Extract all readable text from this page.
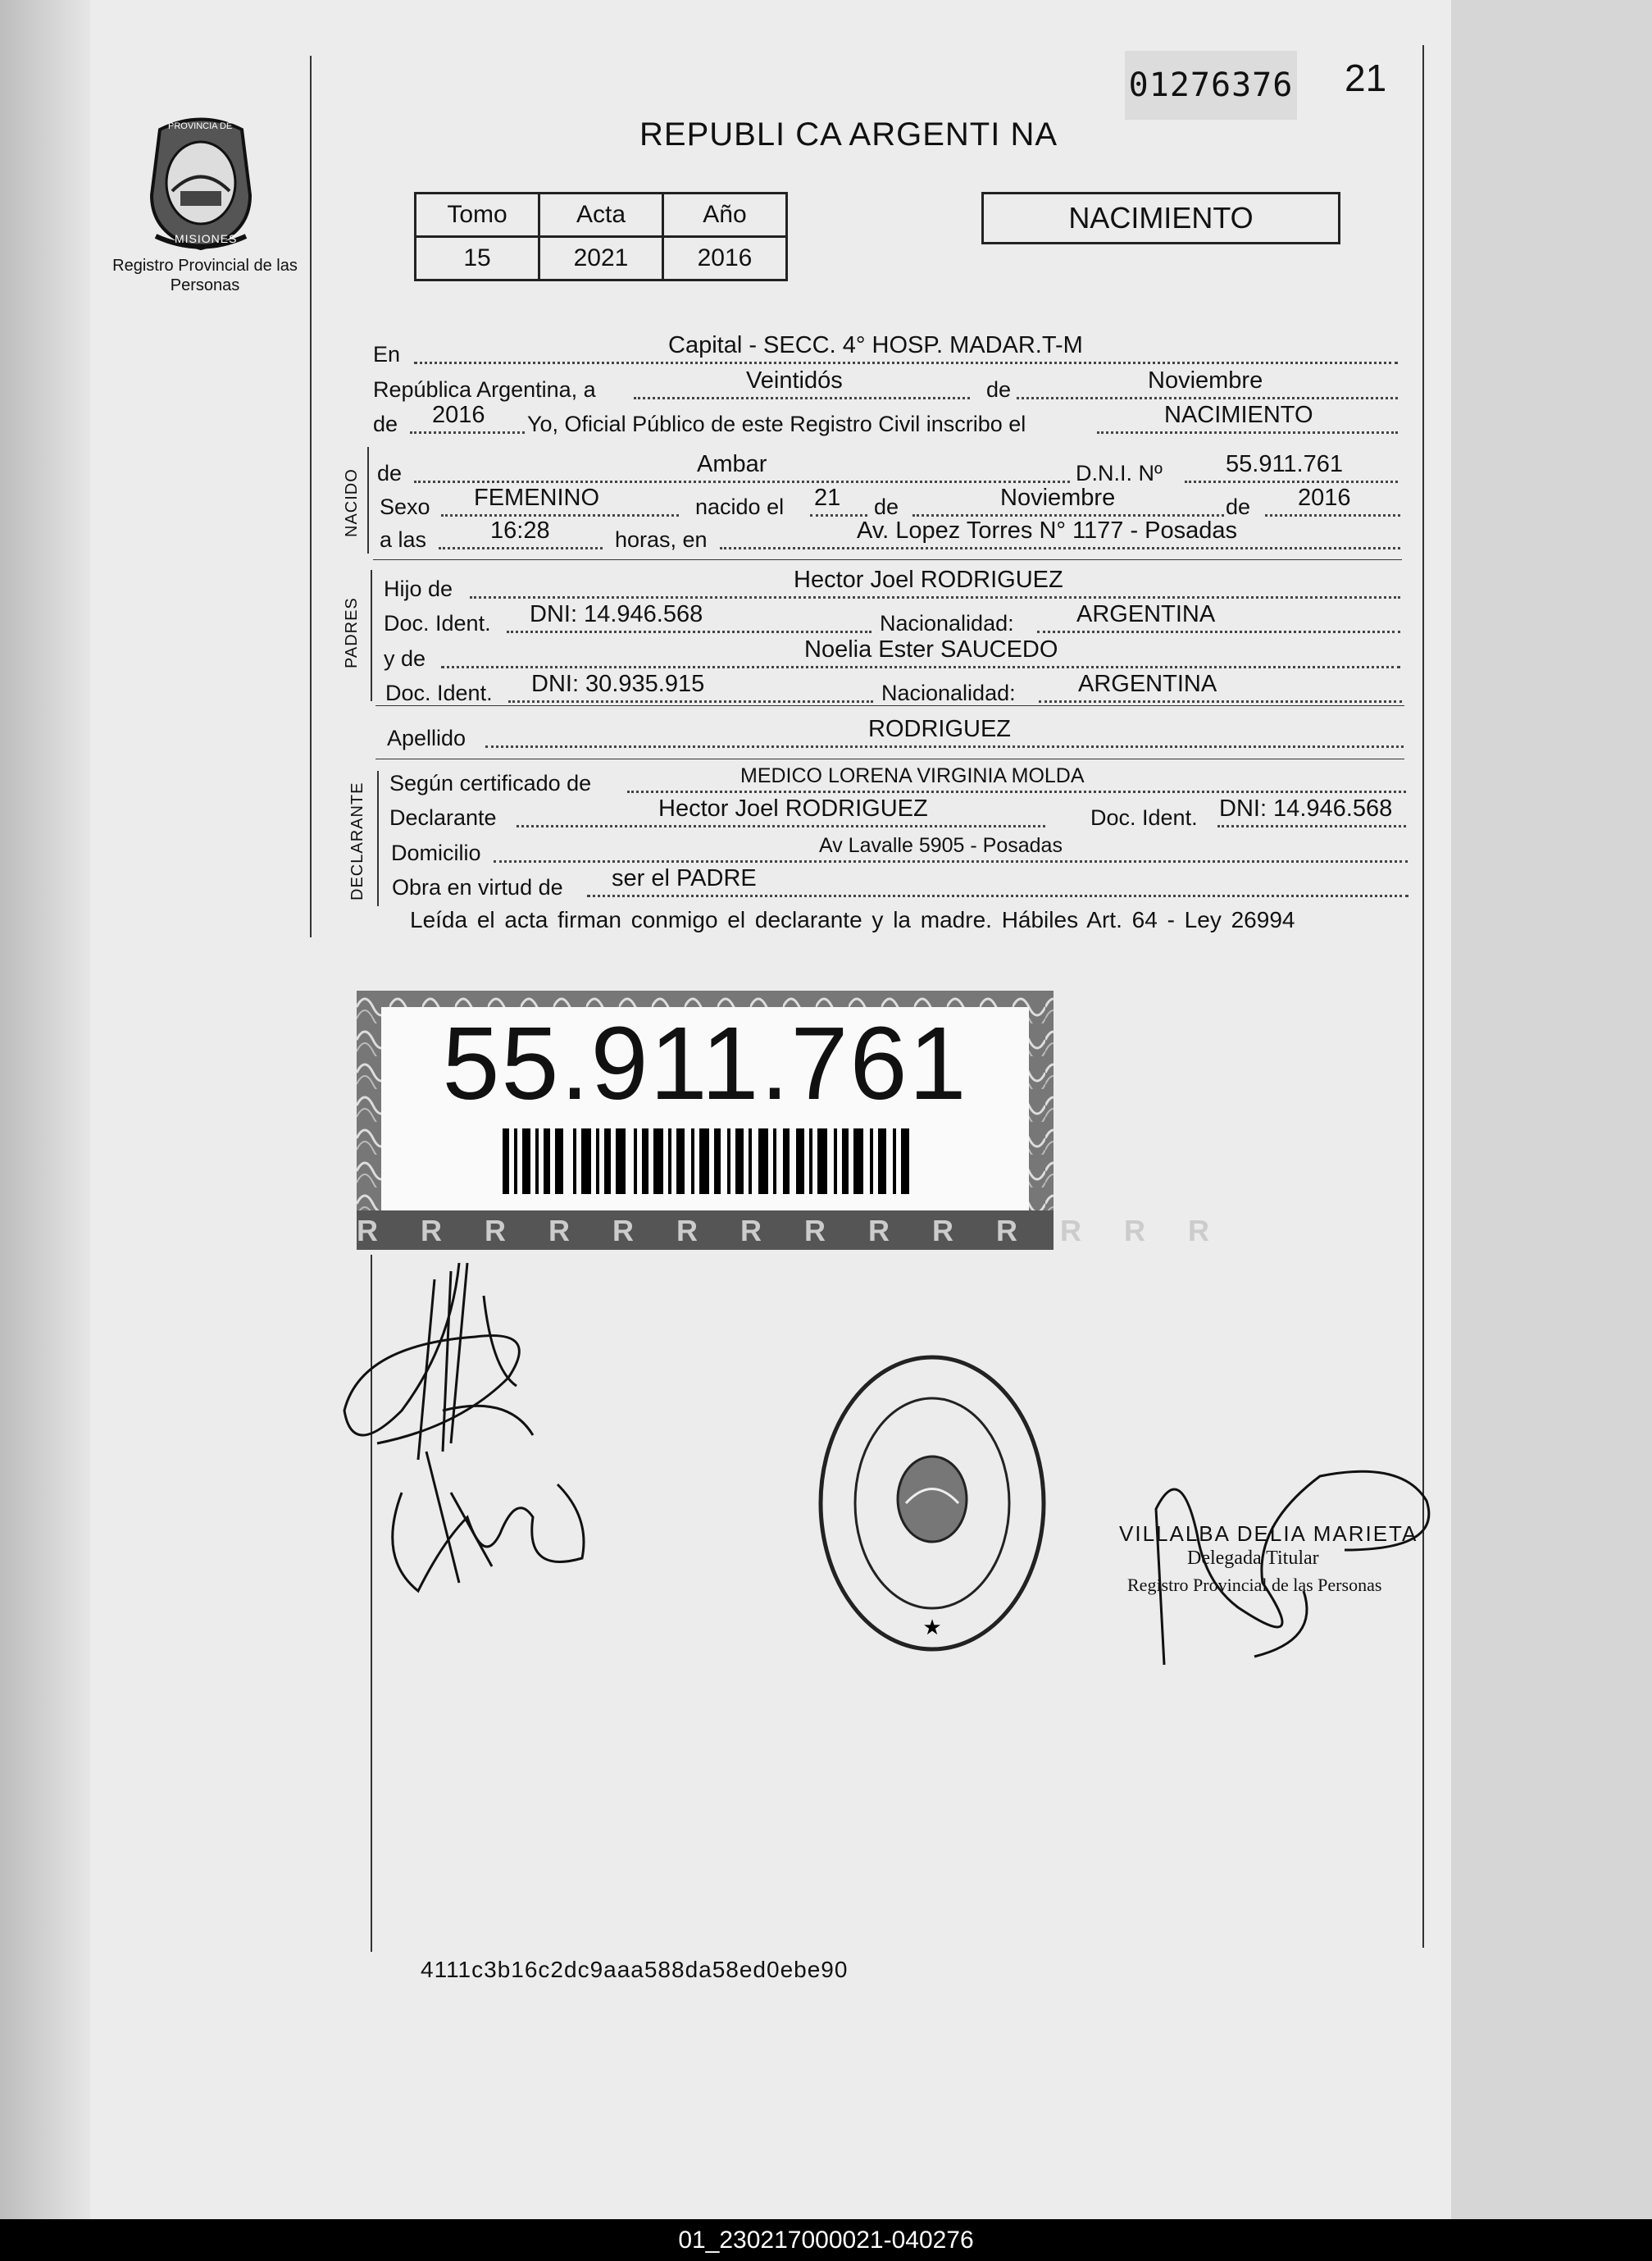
PROVINCIA DE
MISIONES
Registro Provincial de las Personas
01276376 21
REPUBLI CA ARGENTI NA
Tomo	Acta	Año
15	2021	2016
NACIMIENTO
En	Capital - SECC. 4° HOSP. MADAR.T-M
República Argentina, a	Veintidós	de	Noviembre
de 2016 Yo, Oficial Público de este Registro Civil inscribo el	NACIMIENTO
NACIDO de	Ambar	D.N.I. Nº	55.911.761
Sexo FEMENINO	nacido el 21 de	Noviembre	de 2016
a las	16:28	horas, en	Av. Lopez Torres N° 1177 - Posadas
PADRES
Hijo de	Hector Joel RODRIGUEZ
Doc. Ident. DNI: 14.946.568	Nacionalidad:	ARGENTINA
y de	Noelia Ester SAUCEDO
Doc. Ident. DNI: 30.935.915	Nacionalidad:	ARGENTINA
Apellido	RODRIGUEZ
DECLARANTE Según certificado de	MEDICO LORENA VIRGINIA MOLDA
Declarante	Hector Joel RODRIGUEZ	Doc. Ident. DNI: 14.946.568
Domicilio	Av Lavalle 5905 - Posadas
Obra en virtud de ser el PADRE
Leída el acta firman conmigo el declarante y la madre. Hábiles Art. 64 - Ley 26994
55.911.761
RRRRRRRRRRRRRR
★
VILLALBA DELIA MARIETA
Delegada Titular
Registro Provincial de las Personas
4111c3b16c2dc9aaa588da58ed0ebe90
01_230217000021-040276
